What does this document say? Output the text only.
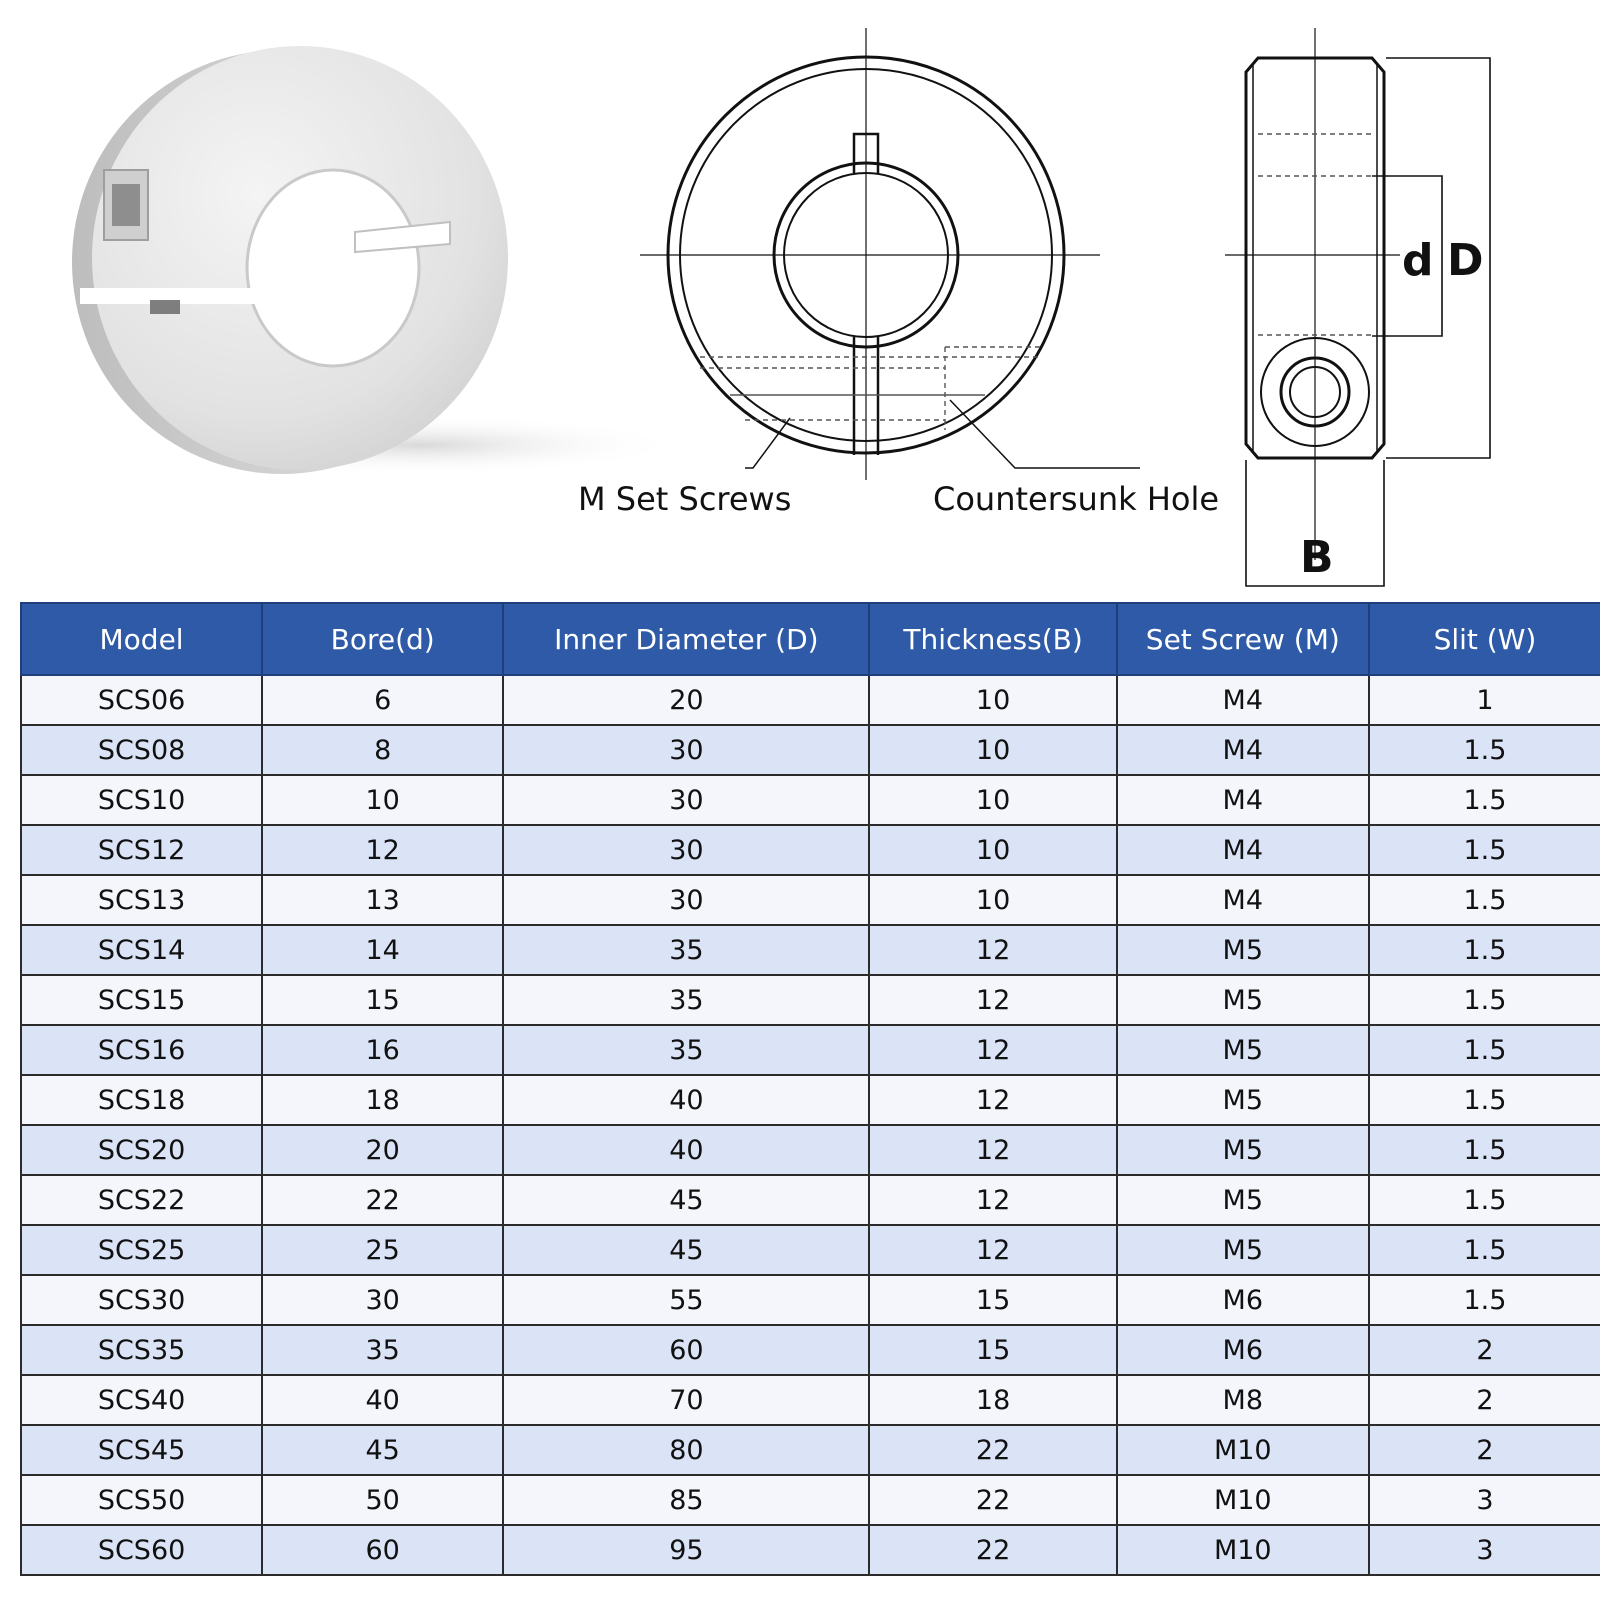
M Set Screws	Countersunk Hole
d D
B
Model	Bore(d)	Inner Diameter (D)	Thickness(B)	Set Screw (M)	Slit (W)
SCS06	6	20	10	M4	1
SCS08	8	30	10	M4	1.5
SCS10	10	30	10	M4	1.5
SCS12	12	30	10	M4	1.5
SCS13	13	30	10	M4	1.5
SCS14	14	35	12	M5	1.5
SCS15	15	35	12	M5	1.5
SCS16	16	35	12	M5	1.5
SCS18	18	40	12	M5	1.5
SCS20	20	40	12	M5	1.5
SCS22	22	45	12	M5	1.5
SCS25	25	45	12	M5	1.5
SCS30	30	55	15	M6	1.5
SCS35	35	60	15	M6	2
SCS40	40	70	18	M8	2
SCS45	45	80	22	M10	2
SCS50	50	85	22	M10	3
SCS60	60	95	22	M10	3
